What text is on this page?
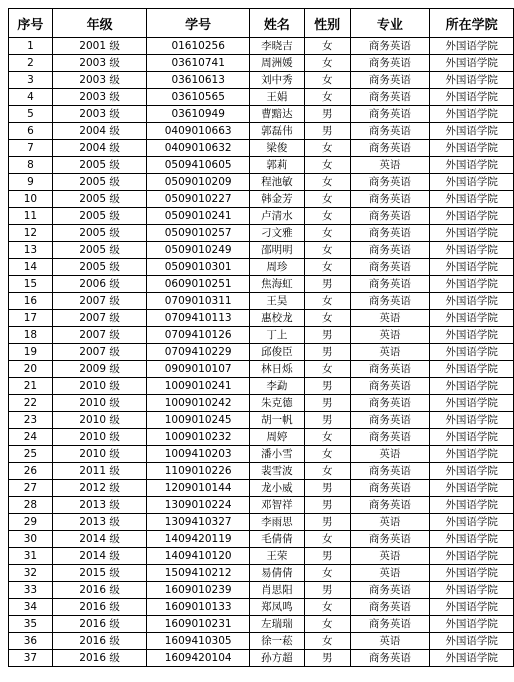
序号	年级	学号	姓名	性别	专业	所在学院
1	2001 级	01610256	李晓吉	女	商务英语	外国语学院
2	2003 级	03610741	周洲媛	女	商务英语	外国语学院
3	2003 级	03610613	刘中秀	女	商务英语	外国语学院
4	2003 级	03610565	王娟	女	商务英语	外国语学院
5	2003 级	03610949	曹黯达	男	商务英语	外国语学院
6	2004 级	0409010663	郭磊伟	男	商务英语	外国语学院
7	2004 级	0409010632	梁俊	女	商务英语	外国语学院
8	2005 级	0509410605	郭莉	女	英语	外国语学院
9	2005 级	0509010209	程池敏	女	商务英语	外国语学院
10	2005 级	0509010227	韩金芳	女	商务英语	外国语学院
11	2005 级	0509010241	卢清水	女	商务英语	外国语学院
12	2005 级	0509010257	刁文雅	女	商务英语	外国语学院
13	2005 级	0509010249	邵明明	女	商务英语	外国语学院
14	2005 级	0509010301	周珍	女	商务英语	外国语学院
15	2006 级	0609010251	焦海虹	男	商务英语	外国语学院
16	2007 级	0709010311	王昊	女	商务英语	外国语学院
17	2007 级	0709410113	惠校龙	女	英语	外国语学院
18	2007 级	0709410126	丁上	男	英语	外国语学院
19	2007 级	0709410229	邱俊臣	男	英语	外国语学院
20	2009 级	0909010107	林日烁	女	商务英语	外国语学院
21	2010 级	1009010241	李勐	男	商务英语	外国语学院
22	2010 级	1009010242	朱克德	男	商务英语	外国语学院
23	2010 级	1009010245	胡一帆	男	商务英语	外国语学院
24	2010 级	1009010232	周婷	女	商务英语	外国语学院
25	2010 级	1009410203	潘小雪	女	英语	外国语学院
26	2011 级	1109010226	裴雪波	女	商务英语	外国语学院
27	2012 级	1209010144	龙小威	男	商务英语	外国语学院
28	2013 级	1309010224	邓智祥	男	商务英语	外国语学院
29	2013 级	1309410327	李雨思	男	英语	外国语学院
30	2014 级	1409420119	毛倩倩	女	商务英语	外国语学院
31	2014 级	1409410120	王荣	男	英语	外国语学院
32	2015 级	1509410212	易倩倩	女	英语	外国语学院
33	2016 级	1609010239	肖思阳	男	商务英语	外国语学院
34	2016 级	1609010133	郑凤鸣	女	商务英语	外国语学院
35	2016 级	1609010231	左瑞瑞	女	商务英语	外国语学院
36	2016 级	1609410305	徐一菘	女	英语	外国语学院
37	2016 级	1609420104	孙方超	男	商务英语	外国语学院
